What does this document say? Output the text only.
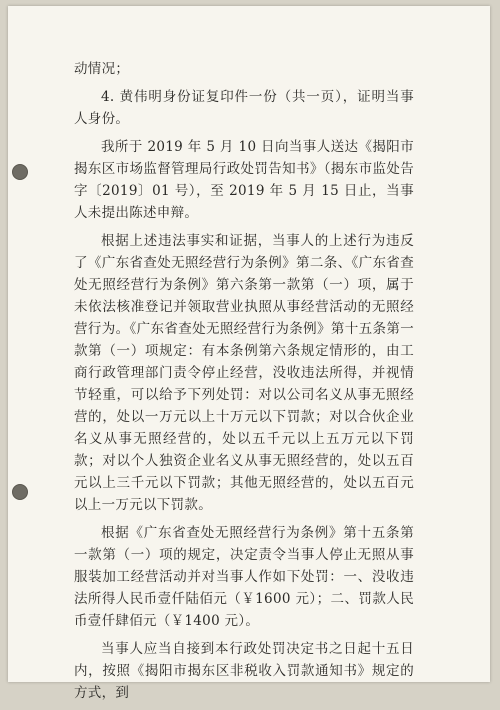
动情况；

4. 黄伟明身份证复印件一份（共一页），证明当事人身份。

我所于 2019 年 5 月 10 日向当事人送达《揭阳市揭东区市场监督管理局行政处罚告知书》（揭东市监处告字〔2019〕01 号），至 2019 年 5 月 15 日止，当事人未提出陈述申辩。

根据上述违法事实和证据，当事人的上述行为违反了《广东省查处无照经营行为条例》第二条、《广东省查处无照经营行为条例》第六条第一款第（一）项，属于未依法核准登记并领取营业执照从事经营活动的无照经营行为。《广东省查处无照经营行为条例》第十五条第一款第（一）项规定：有本条例第六条规定情形的，由工商行政管理部门责令停止经营，没收违法所得，并视情节轻重，可以给予下列处罚：对以公司名义从事无照经营的，处以一万元以上十万元以下罚款；对以合伙企业名义从事无照经营的，处以五千元以上五万元以下罚款；对以个人独资企业名义从事无照经营的，处以五百元以上三千元以下罚款；其他无照经营的，处以五百元以上一万元以下罚款。

根据《广东省查处无照经营行为条例》第十五条第一款第（一）项的规定，决定责令当事人停止无照从事服装加工经营活动并对当事人作如下处罚：一、没收违法所得人民币壹仟陆佰元（￥1600 元）；二、罚款人民币壹仟肆佰元（￥1400 元）。

当事人应当自接到本行政处罚决定书之日起十五日内，按照《揭阳市揭东区非税收入罚款通知书》规定的方式，到
